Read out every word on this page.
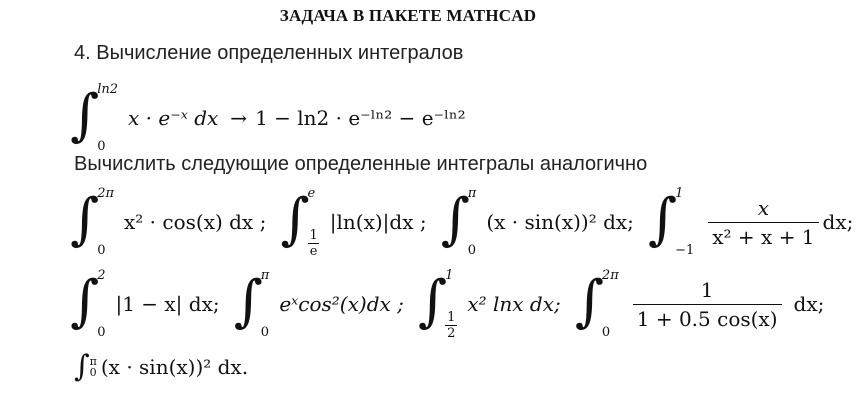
ЗАДАЧА В ПАКЕТЕ MATHCAD
4. Вычисление определенных интегралов
∫
ln2
0
x · e⁻ˣ dx → 1 − ln2 · e⁻ˡⁿ² − e⁻ˡⁿ²
Вычислить следующие определенные интегралы аналогично
∫
2π
0
x² · cos(x) dx ; ∫
e
$\frac{1}{e}$
|ln(x)|dx ; ∫
π
0
(x · sin(x))² dx; ∫
1
−1
$\frac{x}{\text{x² + x + 1}}$ dx;
∫
2
0
|1 − x| dx; ∫
π
0
eˣcos²(x)dx ; ∫
1
$\frac{1}{2}$
x² lnx dx; ∫
2π
0
$\frac{1}{1 + 0.5 \cos(x)}$ dx;
∫ π
0 (x · sin(x))² dx.
